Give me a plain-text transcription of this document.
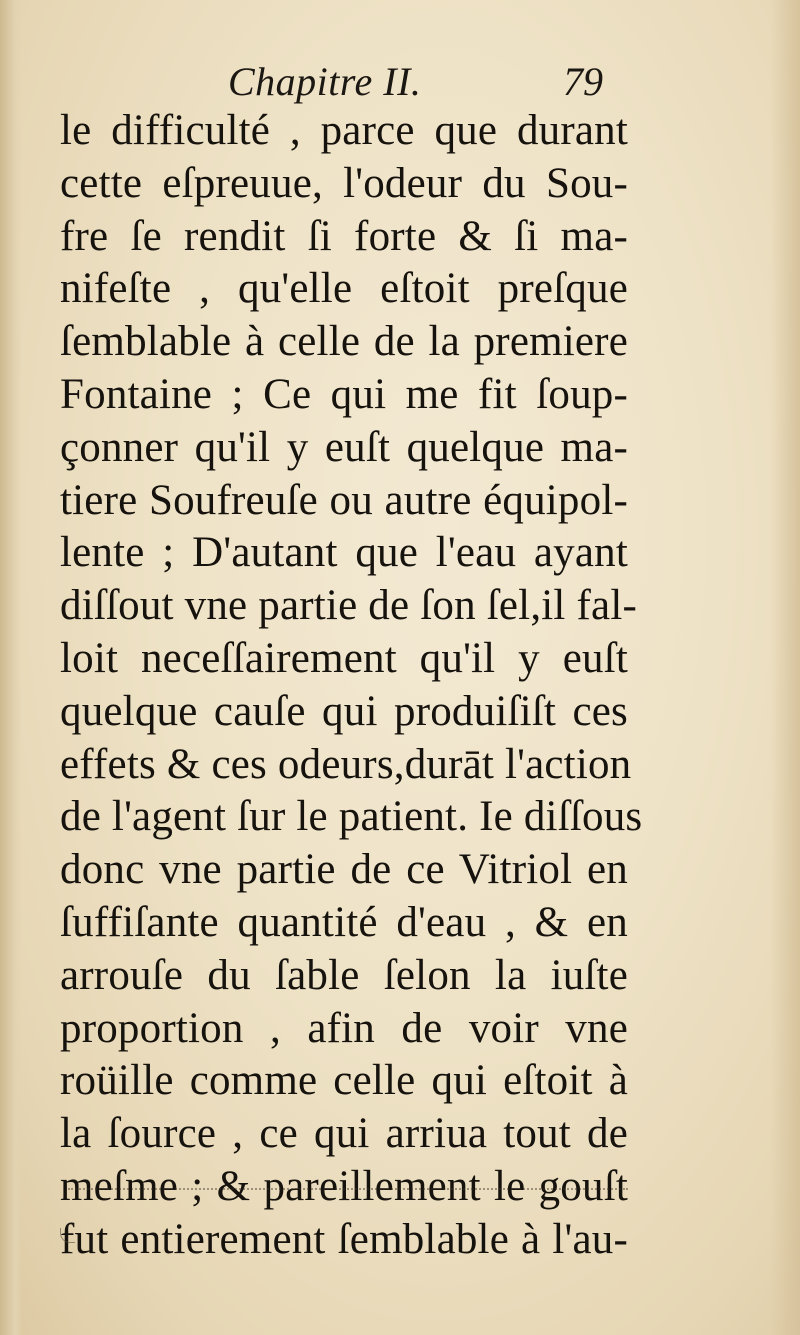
Chapitre II.	79
le difficulté , parce que durant
cette eſpreuue, l'odeur du Sou-
fre ſe rendit ſi forte & ſi ma-
nifeſte , qu'elle eſtoit preſque
ſemblable à celle de la premiere
Fontaine ; Ce qui me fit ſoup-
çonner qu'il y euſt quelque ma-
tiere Soufreuſe ou autre équipol-
lente ; D'autant que l'eau ayant
diſſout vne partie de ſon ſel,il fal-
loit neceſſairement qu'il y euſt
quelque cauſe qui produiſiſt ces
effets & ces odeurs,durāt l'action
de l'agent ſur le patient. Ie diſſous
donc vne partie de ce Vitriol en
ſuffiſante quantité d'eau , & en
arrouſe du ſable ſelon la iuſte
proportion , afin de voir vne
roüille comme celle qui eſtoit à
la ſource , ce qui arriua tout de
meſme ; & pareillement le gouſt
fut entierement ſemblable à l'au-
